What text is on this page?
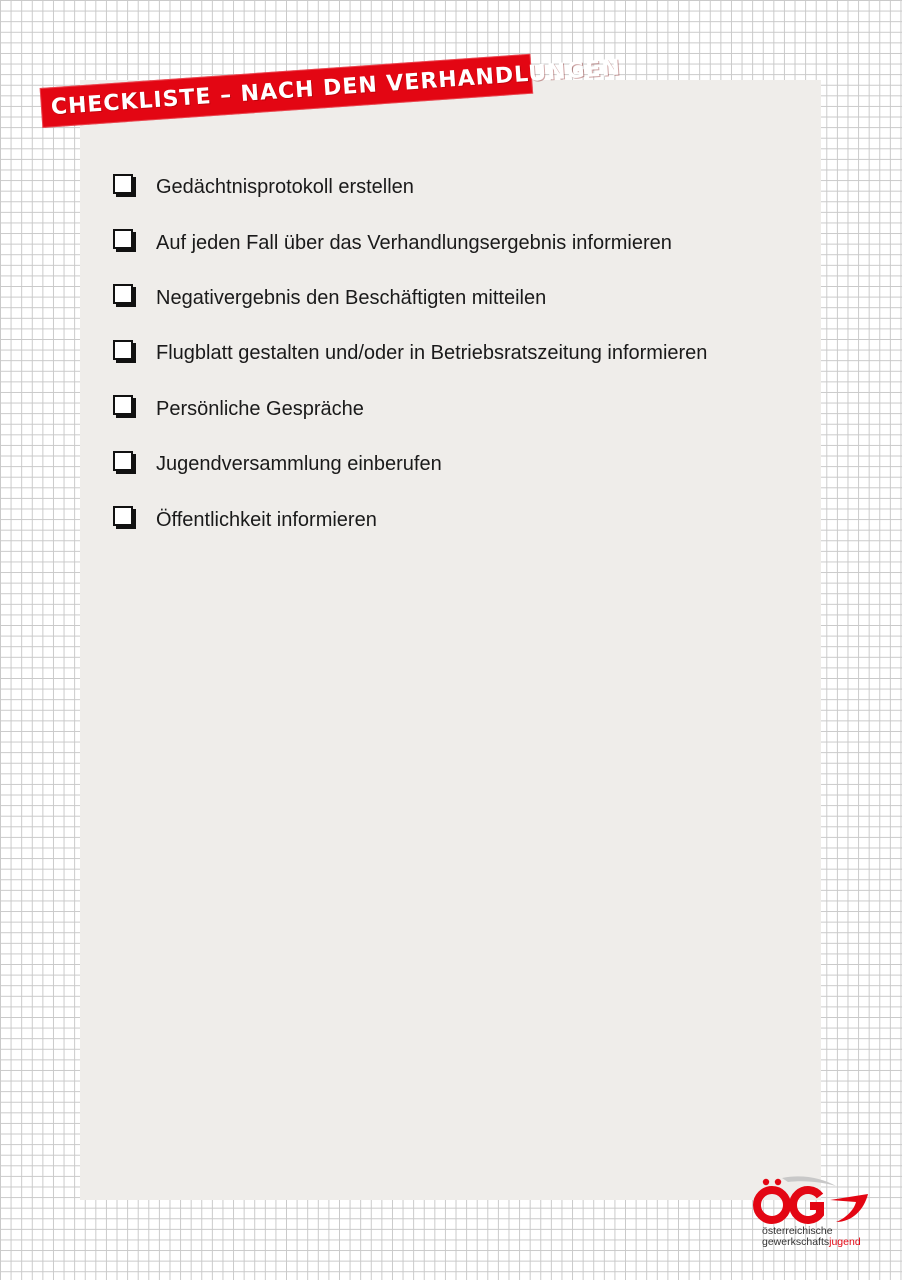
CHECKLISTE – NACH DEN VERHANDLUNGEN
Gedächtnisprotokoll erstellen
Auf jeden Fall über das Verhandlungsergebnis informieren
Negativergebnis den Beschäftigten mitteilen
Flugblatt gestalten und/oder in Betriebsratszeitung informieren
Persönliche Gespräche
Jugendversammlung einberufen
Öffentlichkeit informieren
österreichische
gewerkschaftsjugend
